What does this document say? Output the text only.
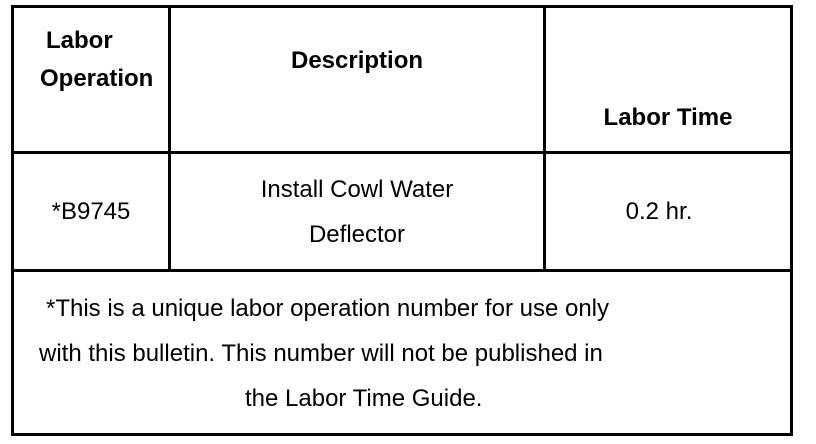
Labor
Operation
Description
Labor Time
*B9745
Install Cowl Water
Deflector
0.2 hr.
*This is a unique labor operation number for use only
with this bulletin. This number will not be published in
the Labor Time Guide.
